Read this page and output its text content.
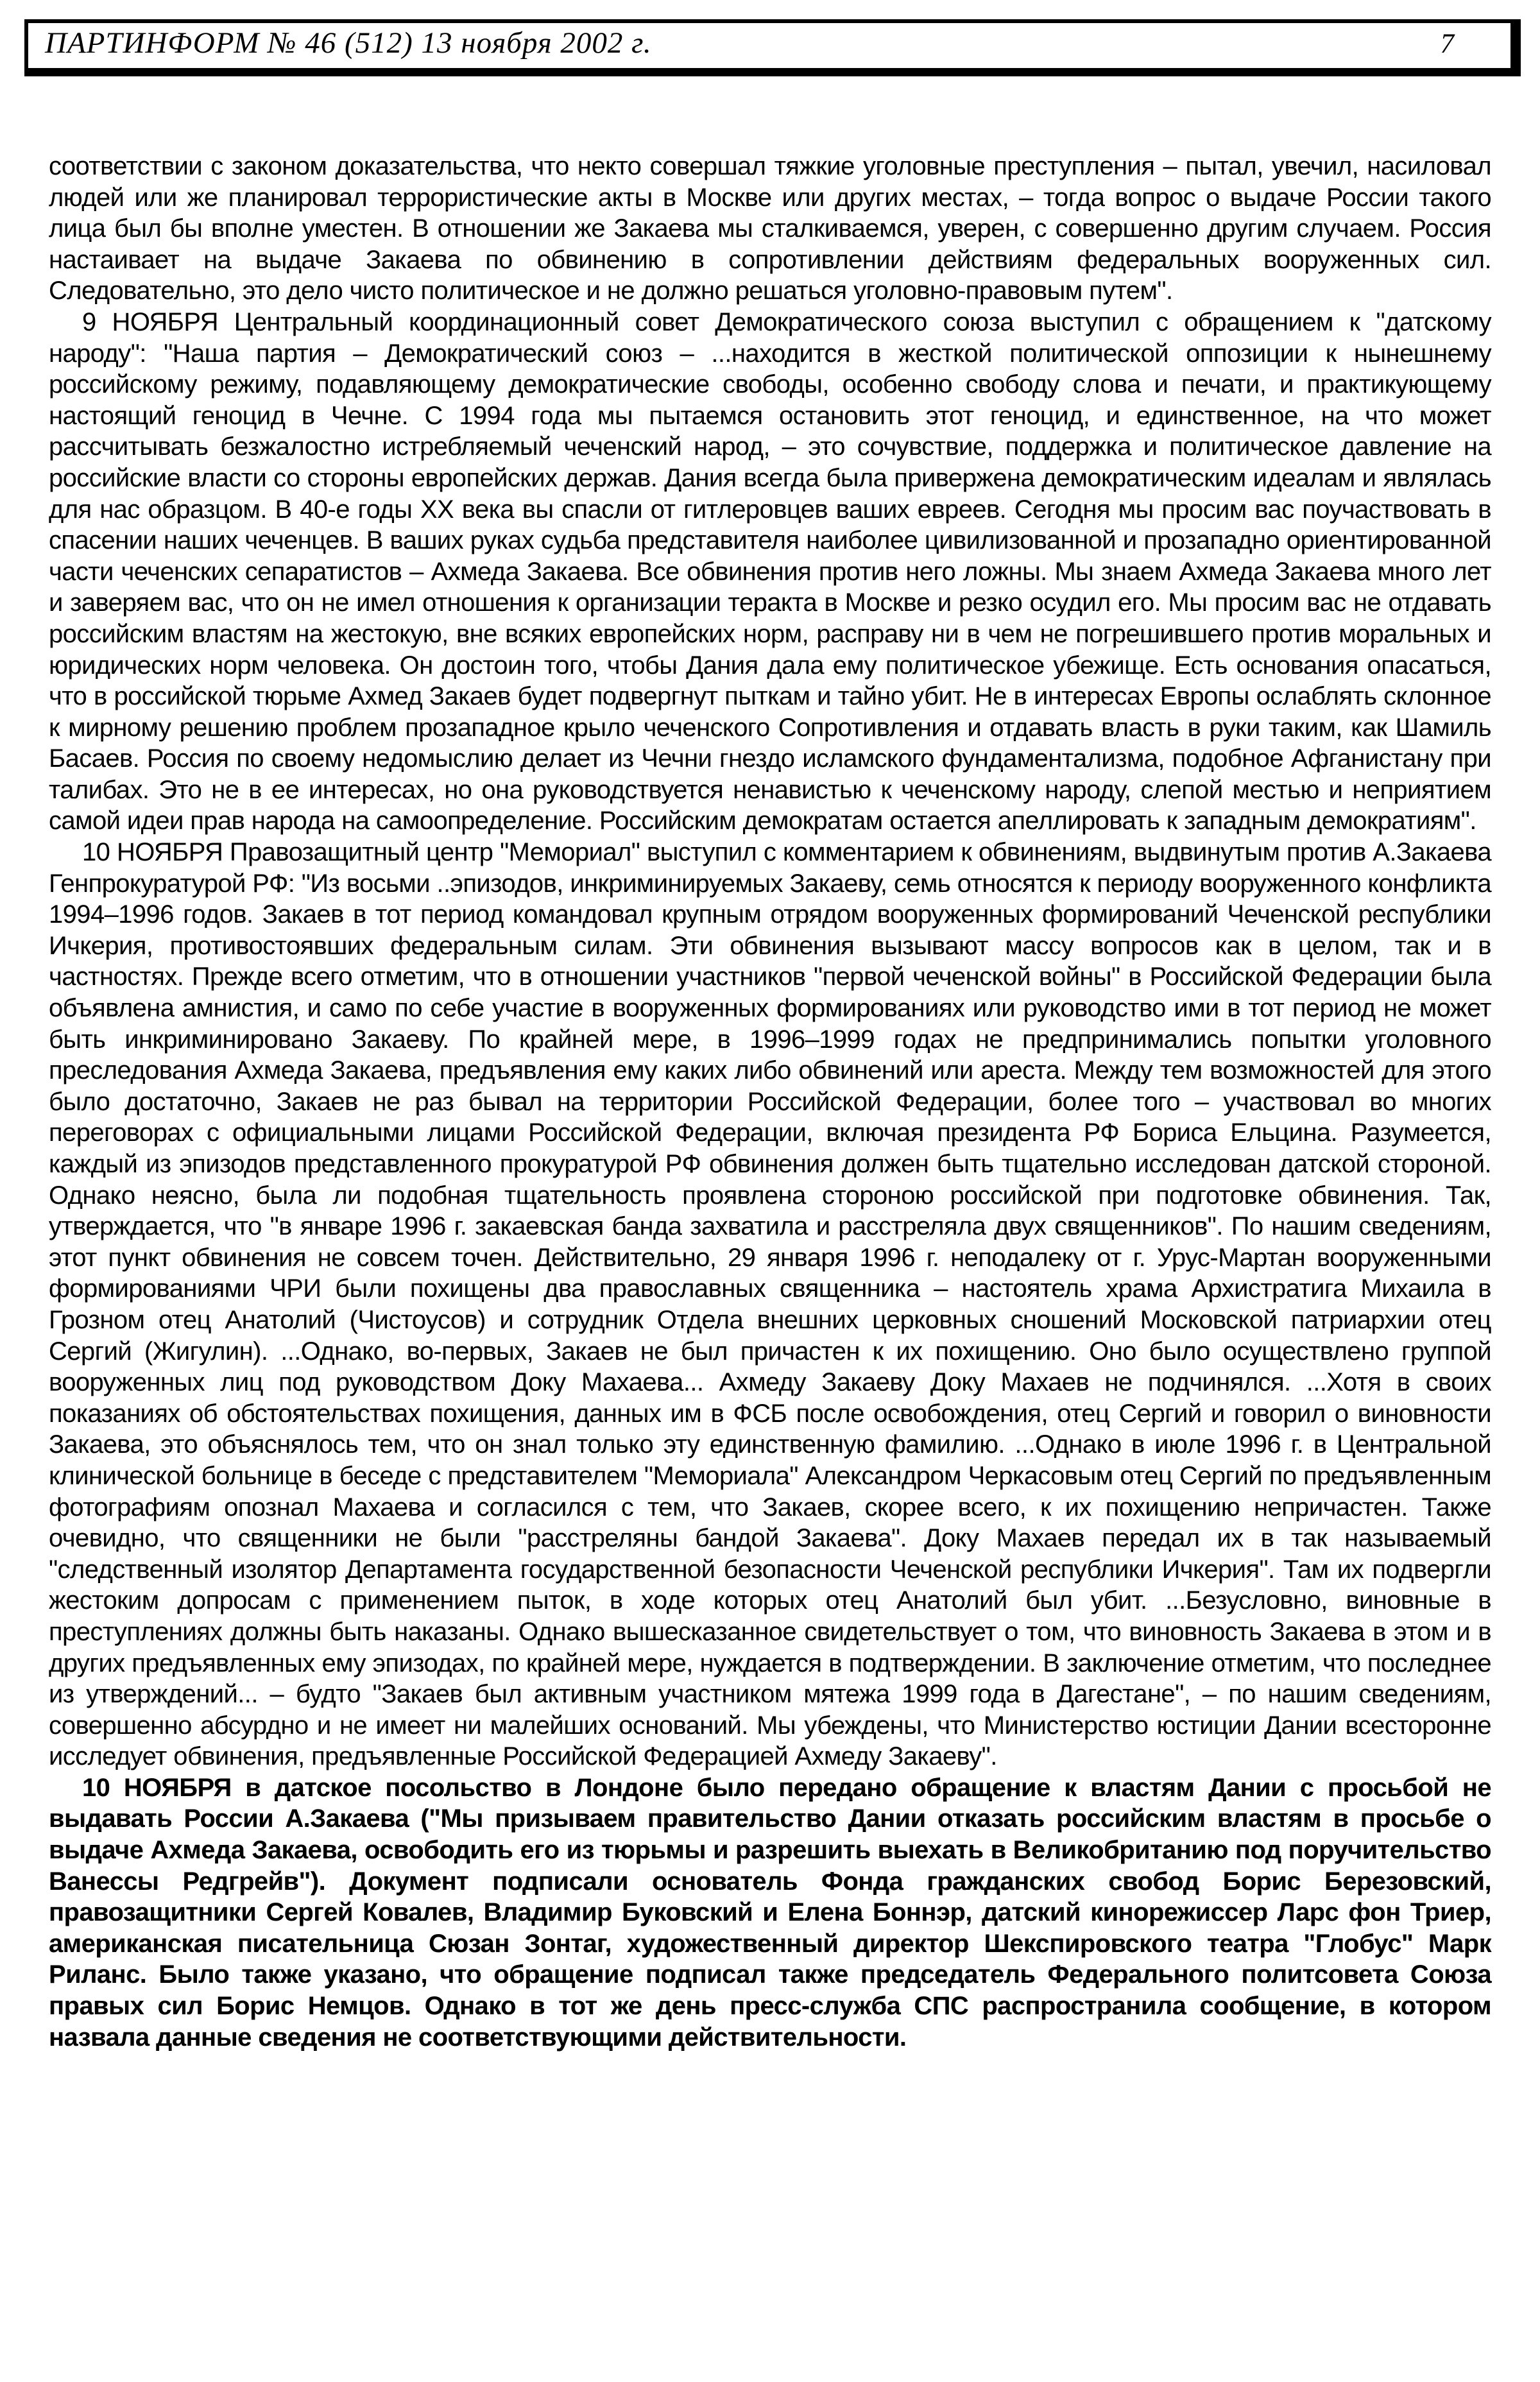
ПАРТИНФОРМ № 46 (512) 13 ноября 2002 г.	7

соответствии с законом доказательства, что некто совершал тяжкие уголовные преступления – пытал, увечил, насиловал людей или же планировал террористические акты в Москве или других местах, – тогда вопрос о выдаче России такого лица был бы вполне уместен. В отношении же Закаева мы сталкиваемся, уверен, с совершенно другим случаем. Россия настаивает на выдаче Закаева по обвинению в сопротивлении действиям федеральных вооруженных сил. Следовательно, это дело чисто политическое и не должно решаться уголовно-правовым путем".

9 НОЯБРЯ Центральный координационный совет Демократического союза выступил с обращением к "датскому народу": "Наша партия – Демократический союз – ...находится в жесткой политической оппозиции к нынешнему российскому режиму, подавляющему демократические свободы, особенно свободу слова и печати, и практикующему настоящий геноцид в Чечне. С 1994 года мы пытаемся остановить этот геноцид, и единственное, на что может рассчитывать безжалостно истребляемый чеченский народ, – это сочувствие, поддержка и политическое давление на российские власти со стороны европейских держав. Дания всегда была привержена демократическим идеалам и являлась для нас образцом. В 40-е годы XX века вы спасли от гитлеровцев ваших евреев. Сегодня мы просим вас поучаствовать в спасении наших чеченцев. В ваших руках судьба представителя наиболее цивилизованной и прозападно ориентированной части чеченских сепаратистов – Ахмеда Закаева. Все обвинения против него ложны. Мы знаем Ахмеда Закаева много лет и заверяем вас, что он не имел отношения к организации теракта в Москве и резко осудил его. Мы просим вас не отдавать российским властям на жестокую, вне всяких европейских норм, расправу ни в чем не погрешившего против моральных и юридических норм человека. Он достоин того, чтобы Дания дала ему политическое убежище. Есть основания опасаться, что в российской тюрьме Ахмед Закаев будет подвергнут пыткам и тайно убит. Не в интересах Европы ослаблять склонное к мирному решению проблем прозападное крыло чеченского Сопротивления и отдавать власть в руки таким, как Шамиль Басаев. Россия по своему недомыслию делает из Чечни гнездо исламского фундаментализма, подобное Афганистану при талибах. Это не в ее интересах, но она руководствуется ненавистью к чеченскому народу, слепой местью и неприятием самой идеи прав народа на самоопределение. Российским демократам остается апеллировать к западным демократиям".

10 НОЯБРЯ Правозащитный центр "Мемориал" выступил с комментарием к обвинениям, выдвинутым против А.Закаева Генпрокуратурой РФ: "Из восьми ..эпизодов, инкриминируемых Закаеву, семь относятся к периоду вооруженного конфликта 1994–1996 годов. Закаев в тот период командовал крупным отрядом вооруженных формирований Чеченской республики Ичкерия, противостоявших федеральным силам. Эти обвинения вызывают массу вопросов как в целом, так и в частностях. Прежде всего отметим, что в отношении участников "первой чеченской войны" в Российской Федерации была объявлена амнистия, и само по себе участие в вооруженных формированиях или руководство ими в тот период не может быть инкриминировано Закаеву. По крайней мере, в 1996–1999 годах не предпринимались попытки уголовного преследования Ахмеда Закаева, предъявления ему каких либо обвинений или ареста. Между тем возможностей для этого было достаточно, Закаев не раз бывал на территории Российской Федерации, более того – участвовал во многих переговорах с официальными лицами Российской Федерации, включая президента РФ Бориса Ельцина. Разумеется, каждый из эпизодов представленного прокуратурой РФ обвинения должен быть тщательно исследован датской стороной. Однако неясно, была ли подобная тщательность проявлена стороною российской при подготовке обвинения. Так, утверждается, что "в январе 1996 г. закаевская банда захватила и расстреляла двух священников". По нашим сведениям, этот пункт обвинения не совсем точен. Действительно, 29 января 1996 г. неподалеку от г. Урус-Мартан вооруженными формированиями ЧРИ были похищены два православных священника – настоятель храма Архистратига Михаила в Грозном отец Анатолий (Чистоусов) и сотрудник Отдела внешних церковных сношений Московской патриархии отец Сергий (Жигулин). ...Однако, во-первых, Закаев не был причастен к их похищению. Оно было осуществлено группой вооруженных лиц под руководством Доку Махаева... Ахмеду Закаеву Доку Махаев не подчинялся. ...Хотя в своих показаниях об обстоятельствах похищения, данных им в ФСБ после освобождения, отец Сергий и говорил о виновности Закаева, это объяснялось тем, что он знал только эту единственную фамилию. ...Однако в июле 1996 г. в Центральной клинической больнице в беседе с представителем "Мемориала" Александром Черкасовым отец Сергий по предъявленным фотографиям опознал Махаева и согласился с тем, что Закаев, скорее всего, к их похищению непричастен. Также очевидно, что священники не были "расстреляны бандой Закаева". Доку Махаев передал их в так называемый "следственный изолятор Департамента государственной безопасности Чеченской республики Ичкерия". Там их подвергли жестоким допросам с применением пыток, в ходе которых отец Анатолий был убит. ...Безусловно, виновные в преступлениях должны быть наказаны. Однако вышесказанное свидетельствует о том, что виновность Закаева в этом и в других предъявленных ему эпизодах, по крайней мере, нуждается в подтверждении. В заключение отметим, что последнее из утверждений... – будто "Закаев был активным участником мятежа 1999 года в Дагестане", – по нашим сведениям, совершенно абсурдно и не имеет ни малейших оснований. Мы убеждены, что Министерство юстиции Дании всесторонне исследует обвинения, предъявленные Российской Федерацией Ахмеду Закаеву".

10 НОЯБРЯ в датское посольство в Лондоне было передано обращение к властям Дании с просьбой не выдавать России А.Закаева ("Мы призываем правительство Дании отказать российским властям в просьбе о выдаче Ахмеда Закаева, освободить его из тюрьмы и разрешить выехать в Великобританию под поручительство Ванессы Редгрейв"). Документ подписали основатель Фонда гражданских свобод Борис Березовский, правозащитники Сергей Ковалев, Владимир Буковский и Елена Боннэр, датский кинорежиссер Ларс фон Триер, американская писательница Сюзан Зонтаг, художественный директор Шекспировского театра "Глобус" Марк Риланс. Было также указано, что обращение подписал также председатель Федерального политсовета Союза правых сил Борис Немцов. Однако в тот же день пресс-служба СПС распространила сообщение, в котором назвала данные сведения не соответствующими действительности.
